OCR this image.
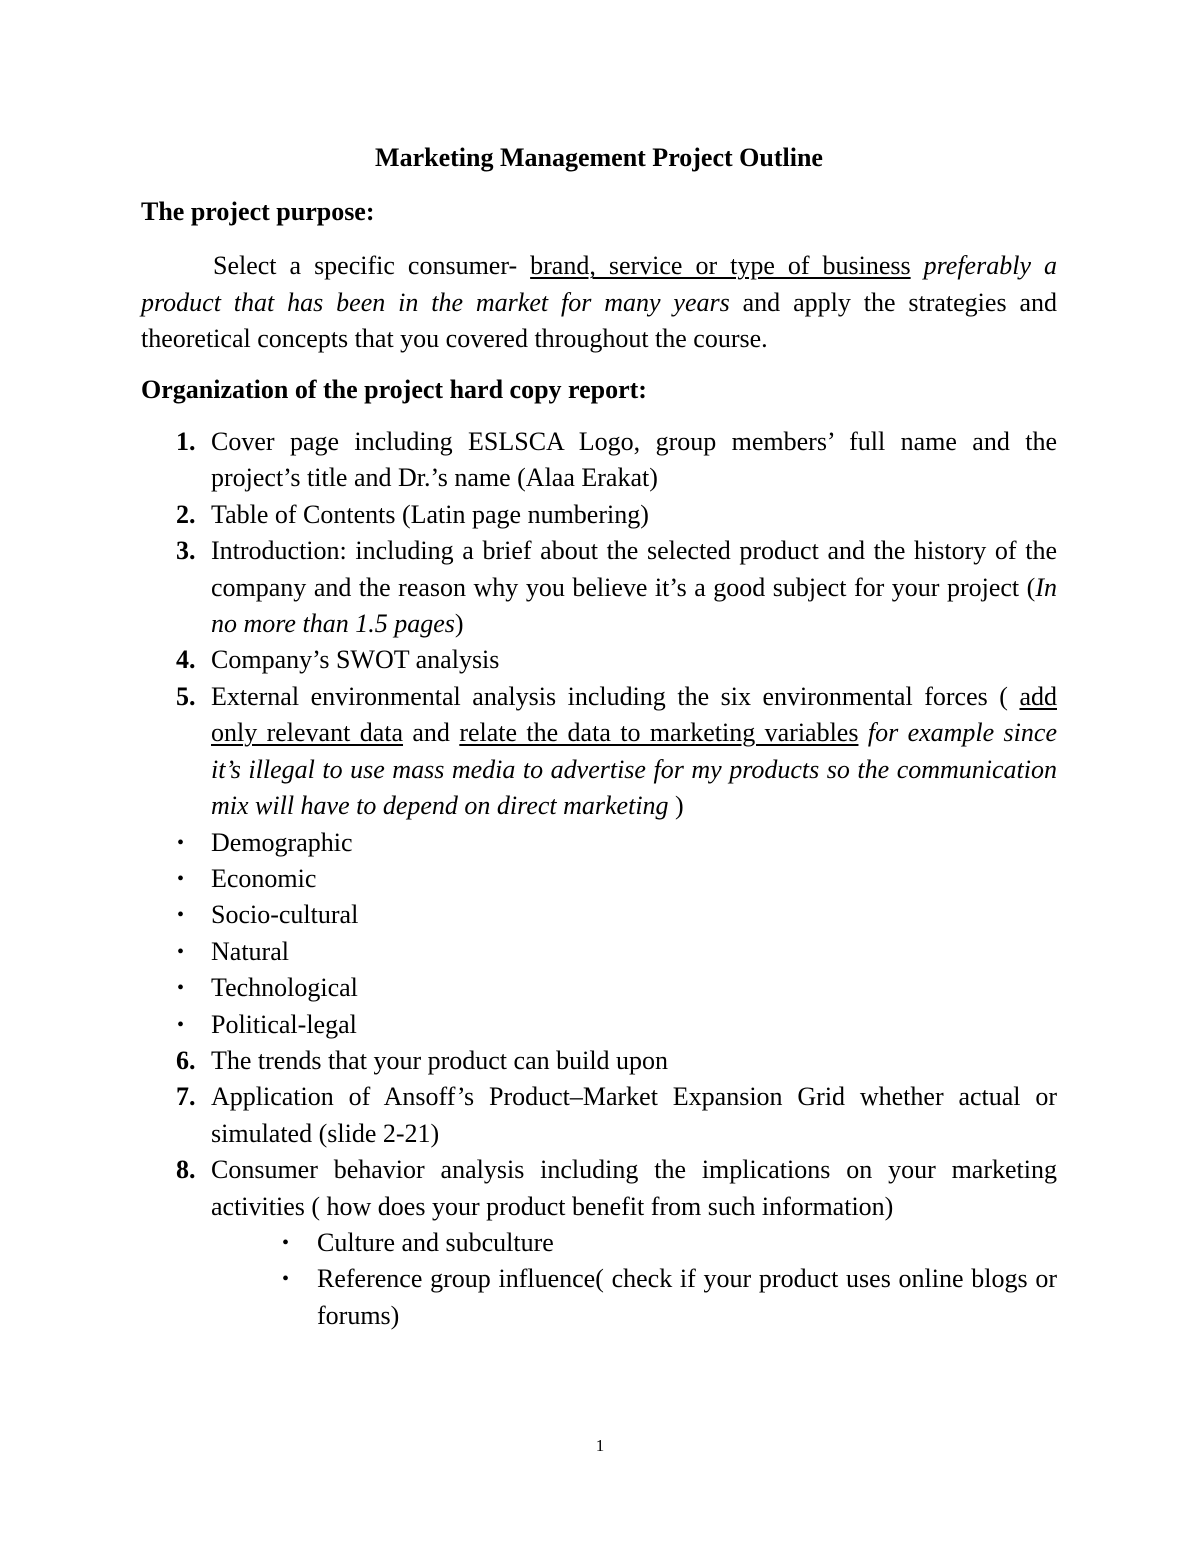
Marketing Management Project Outline

The project purpose:

Select a specific consumer- brand, service or type of business preferably a product that has been in the market for many years and apply the strategies and theoretical concepts that you covered throughout the course.

Organization of the project hard copy report:

1. Cover page including ESLSCA Logo, group members’ full name and the project’s title and Dr.’s name (Alaa Erakat)
2. Table of Contents (Latin page numbering)
3. Introduction: including a brief about the selected product and the history of the company and the reason why you believe it’s a good subject for your project (In no more than 1.5 pages)
4. Company’s SWOT analysis
5. External environmental analysis including the six environmental forces ( add only relevant data and relate the data to marketing variables for example since it’s illegal to use mass media to advertise for my products so the communication mix will have to depend on direct marketing )
• Demographic
• Economic
• Socio-cultural
• Natural
• Technological
• Political-legal
6. The trends that your product can build upon
7. Application of Ansoff’s Product–Market Expansion Grid whether actual or simulated (slide 2-21)
8. Consumer behavior analysis including the implications on your marketing activities ( how does your product benefit from such information)
• Culture and subculture
• Reference group influence( check if your product uses online blogs or forums)
1
